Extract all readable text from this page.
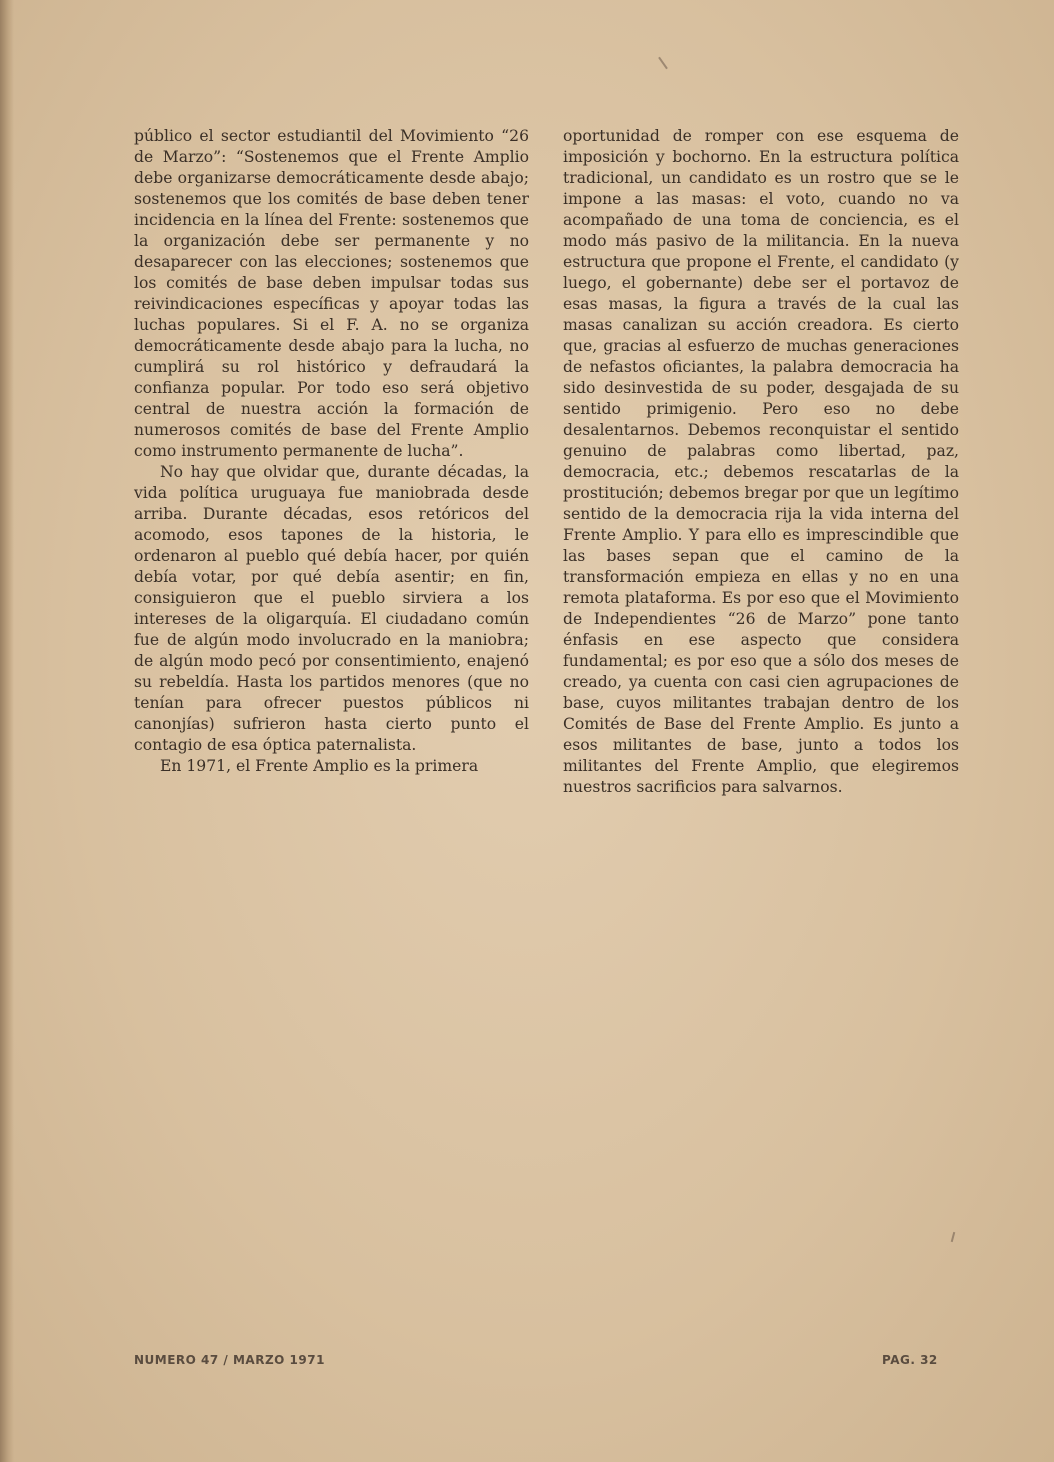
público el sector estudiantil del Movimiento “26 de Marzo”: “Sostenemos que el Frente Amplio debe organizarse democráticamente desde abajo; sostenemos que los comités de base deben tener incidencia en la línea del Frente: sostenemos que la organización debe ser permanente y no desaparecer con las elecciones; sostenemos que los comités de base deben impulsar todas sus reivindicaciones específicas y apoyar todas las luchas populares. Si el F. A. no se organiza democráticamente desde abajo para la lucha, no cumplirá su rol histórico y defraudará la confianza popular. Por todo eso será objetivo central de nuestra acción la formación de numerosos comités de base del Frente Amplio como instrumento permanente de lucha”.

No hay que olvidar que, durante décadas, la vida política uruguaya fue maniobrada desde arriba. Durante décadas, esos retóricos del acomodo, esos tapones de la historia, le ordenaron al pueblo qué debía hacer, por quién debía votar, por qué debía asentir; en fin, consiguieron que el pueblo sirviera a los intereses de la oligarquía. El ciudadano común fue de algún modo involucrado en la maniobra; de algún modo pecó por consentimiento, enajenó su rebeldía. Hasta los partidos menores (que no tenían para ofrecer puestos públicos ni canonjías) sufrieron hasta cierto punto el contagio de esa óptica paternalista.

En 1971, el Frente Amplio es la primera

oportunidad de romper con ese esquema de imposición y bochorno. En la estructura política tradicional, un candidato es un rostro que se le impone a las masas: el voto, cuando no va acompañado de una toma de conciencia, es el modo más pasivo de la militancia. En la nueva estructura que propone el Frente, el candidato (y luego, el gobernante) debe ser el portavoz de esas masas, la figura a través de la cual las masas canalizan su acción creadora. Es cierto que, gracias al esfuerzo de muchas generaciones de nefastos oficiantes, la palabra democracia ha sido desinvestida de su poder, desgajada de su sentido primigenio. Pero eso no debe desalentarnos. Debemos reconquistar el sentido genuino de palabras como libertad, paz, democracia, etc.; debemos rescatarlas de la prostitución; debemos bregar por que un legítimo sentido de la democracia rija la vida interna del Frente Amplio. Y para ello es imprescindible que las bases sepan que el camino de la transformación empieza en ellas y no en una remota plataforma. Es por eso que el Movimiento de Independientes “26 de Marzo” pone tanto énfasis en ese aspecto que considera fundamental; es por eso que a sólo dos meses de creado, ya cuenta con casi cien agrupaciones de base, cuyos militantes trabajan dentro de los Comités de Base del Frente Amplio. Es junto a esos militantes de base, junto a todos los militantes del Frente Amplio, que elegiremos nuestros sacrificios para salvarnos.

NUMERO 47 / MARZO 1971	PAG. 32
